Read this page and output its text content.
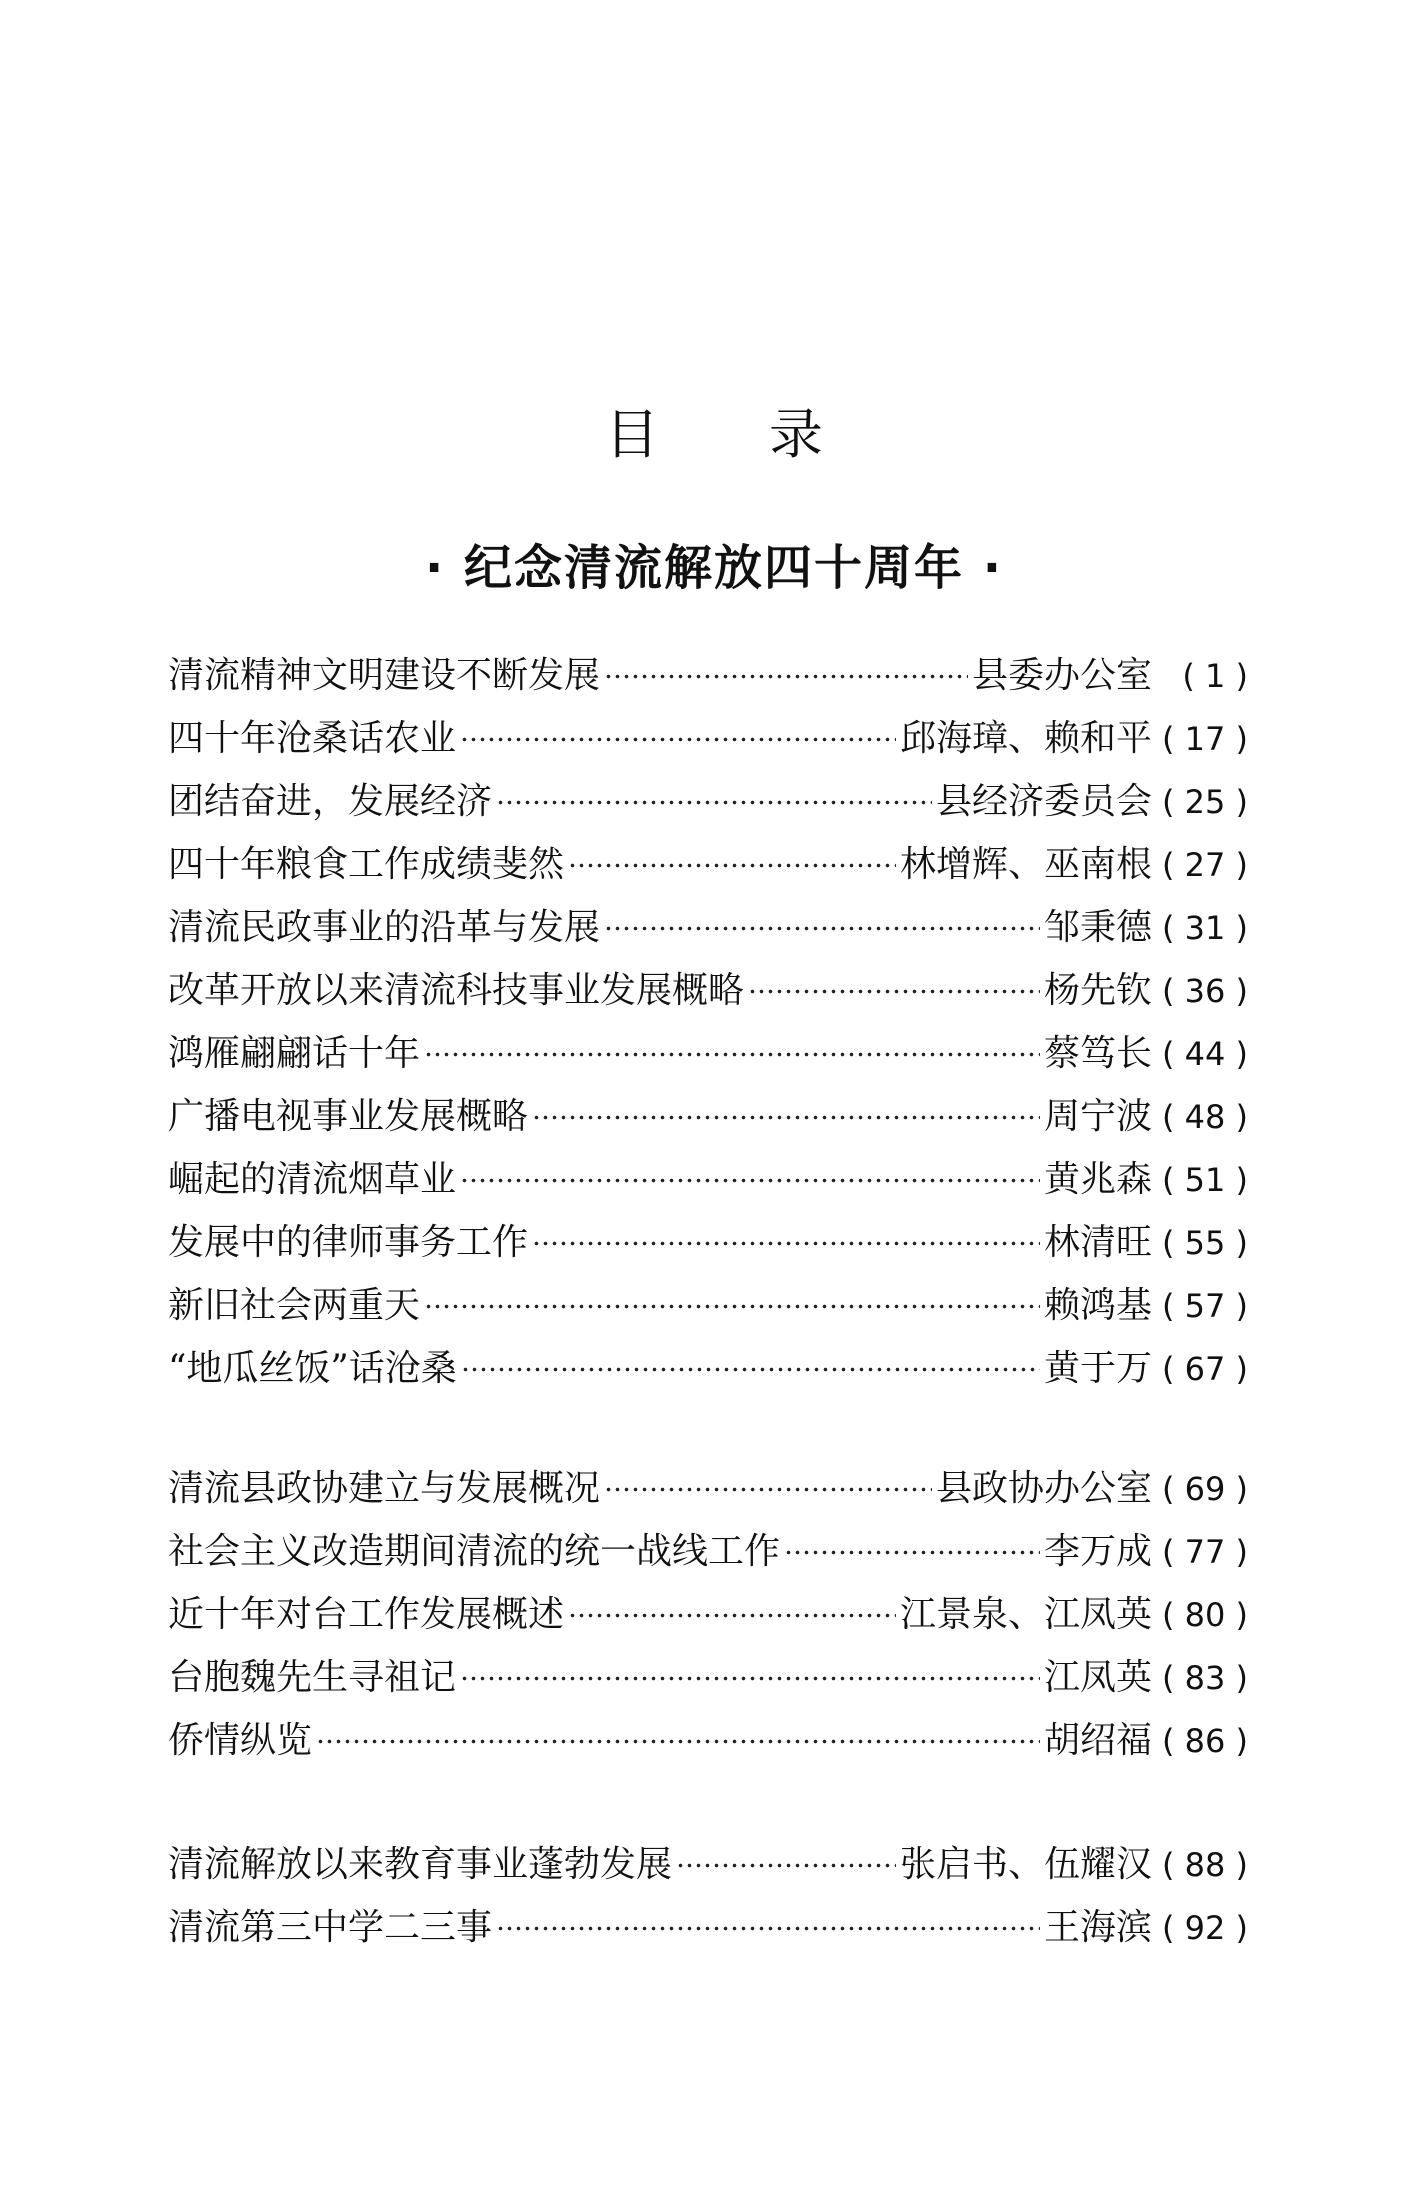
目录
· 纪念清流解放四十周年 ·
清流精神文明建设不断发展	县委办公室 ( 1 )
四十年沧桑话农业	邱海璋、赖和平 ( 17 )
团结奋进，发展经济	县经济委员会 ( 25 )
四十年粮食工作成绩斐然	林增辉、巫南根 ( 27 )
清流民政事业的沿革与发展	邹秉德 ( 31 )
改革开放以来清流科技事业发展概略	杨先钦 ( 36 )
鸿雁翩翩话十年	蔡笃长 ( 44 )
广播电视事业发展概略	周宁波 ( 48 )
崛起的清流烟草业	黄兆森 ( 51 )
发展中的律师事务工作	林清旺 ( 55 )
新旧社会两重天	赖鸿基 ( 57 )
“地瓜丝饭”话沧桑	黄于万 ( 67 )
清流县政协建立与发展概况	县政协办公室 ( 69 )
社会主义改造期间清流的统一战线工作	李万成 ( 77 )
近十年对台工作发展概述	江景泉、江凤英 ( 80 )
台胞魏先生寻祖记	江凤英 ( 83 )
侨情纵览	胡绍福 ( 86 )
清流解放以来教育事业蓬勃发展	张启书、伍耀汉 ( 88 )
清流第三中学二三事	王海滨 ( 92 )
